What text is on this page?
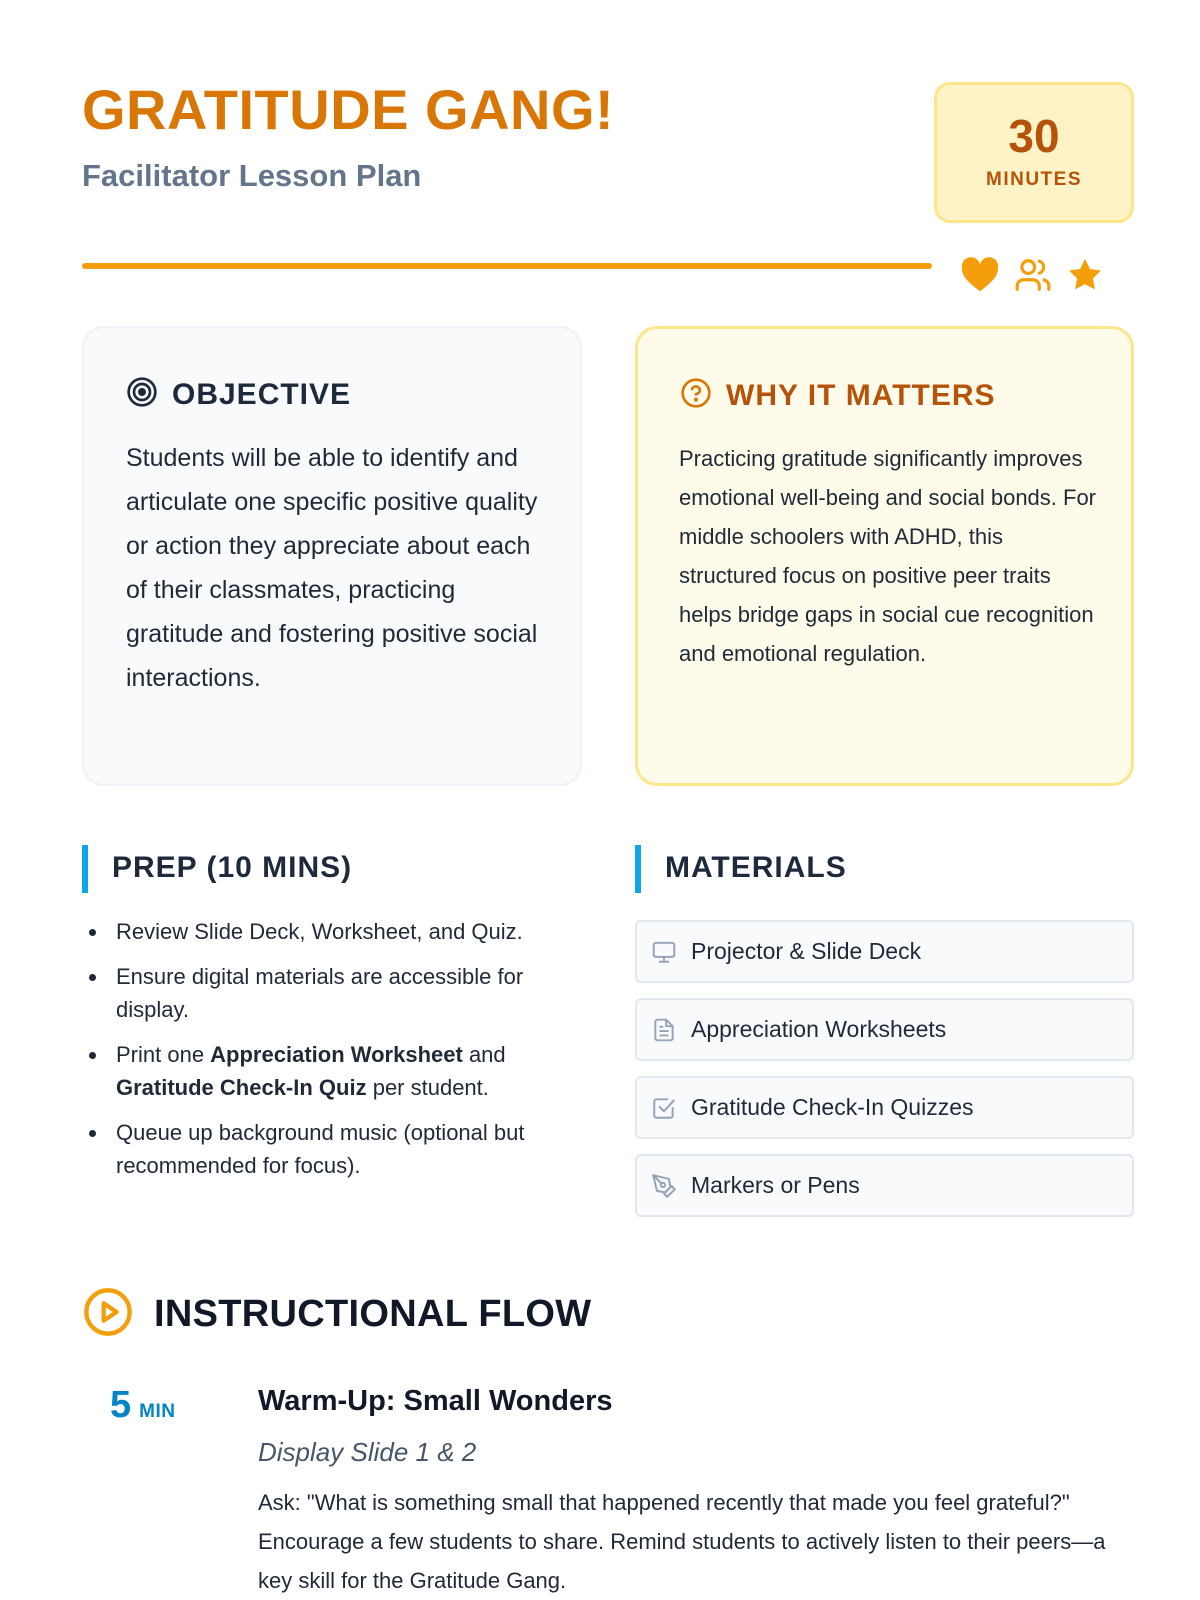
GRATITUDE GANG!
Facilitator Lesson Plan
30
MINUTES
OBJECTIVE

Students will be able to identify and articulate one specific positive quality or action they appreciate about each of their classmates, practicing gratitude and fostering positive social interactions.

WHY IT MATTERS

Practicing gratitude significantly improves emotional well-being and social bonds. For middle schoolers with ADHD, this structured focus on positive peer traits helps bridge gaps in social cue recognition and emotional regulation.

PREP (10 MINS)
Review Slide Deck, Worksheet, and Quiz.
Ensure digital materials are accessible for display.
Print one Appreciation Worksheet and Gratitude Check-In Quiz per student.
Queue up background music (optional but recommended for focus).
MATERIALS
Projector & Slide Deck
Appreciation Worksheets
Gratitude Check-In Quizzes
Markers or Pens
INSTRUCTIONAL FLOW
5 MIN	Warm-Up: Small Wonders
Display Slide 1 & 2

Ask: "What is something small that happened recently that made you feel grateful?" Encourage a few students to share. Remind students to actively listen to their peers—a key skill for the Gratitude Gang.
